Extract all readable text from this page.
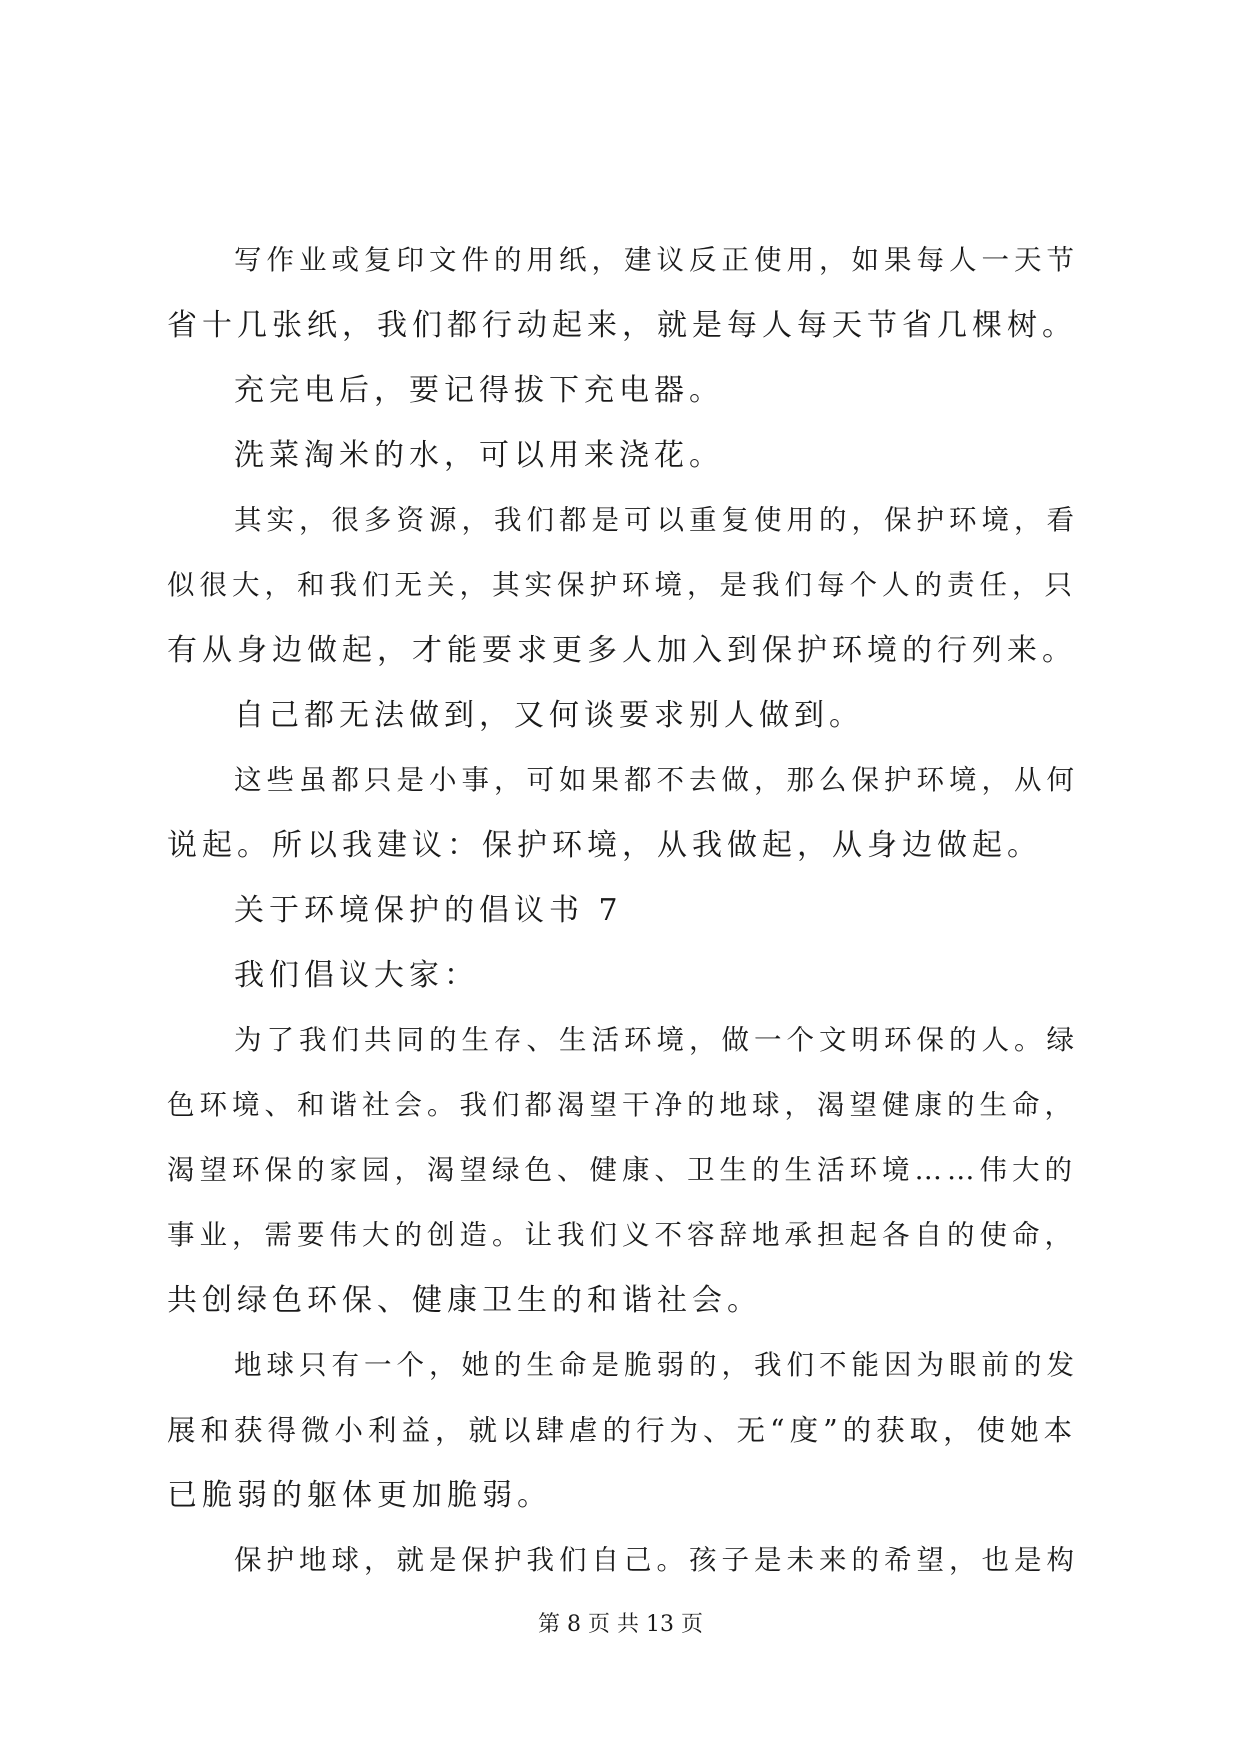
写作业或复印文件的用纸，建议反正使用，如果每人一天节
省十几张纸，我们都行动起来，就是每人每天节省几棵树。
充完电后，要记得拔下充电器。
洗菜淘米的水，可以用来浇花。
其实，很多资源，我们都是可以重复使用的，保护环境，看
似很大，和我们无关，其实保护环境，是我们每个人的责任，只
有从身边做起，才能要求更多人加入到保护环境的行列来。
自己都无法做到，又何谈要求别人做到。
这些虽都只是小事，可如果都不去做，那么保护环境，从何
说起。所以我建议：保护环境，从我做起，从身边做起。
关于环境保护的倡议书 7
我们倡议大家：
为了我们共同的生存、生活环境，做一个文明环保的人。绿
色环境、和谐社会。我们都渴望干净的地球，渴望健康的生命，
渴望环保的家园，渴望绿色、健康、卫生的生活环境……伟大的
事业，需要伟大的创造。让我们义不容辞地承担起各自的使命，
共创绿色环保、健康卫生的和谐社会。
地球只有一个，她的生命是脆弱的，我们不能因为眼前的发
展和获得微小利益，就以肆虐的行为、无“度”的获取，使她本
已脆弱的躯体更加脆弱。
保护地球，就是保护我们自己。孩子是未来的希望，也是构
第 8 页 共 13 页
